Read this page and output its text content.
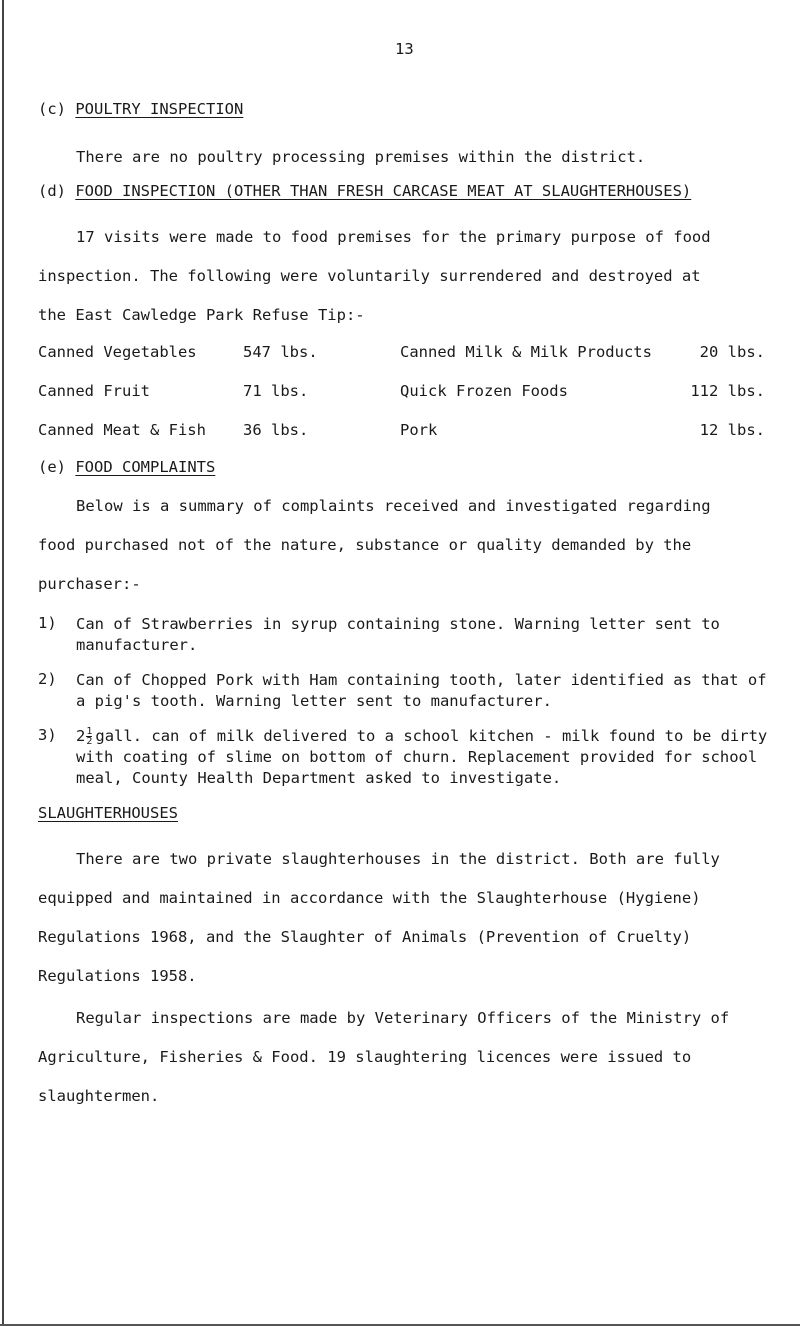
13
(c) POULTRY INSPECTION
There are no poultry processing premises within the district.
(d) FOOD INSPECTION (OTHER THAN FRESH CARCASE MEAT AT SLAUGHTERHOUSES)
17 visits were made to food premises for the primary purpose of food
inspection. The following were voluntarily surrendered and destroyed at
the East Cawledge Park Refuse Tip:-
Canned Vegetables	547 lbs.	Canned Milk & Milk Products	20 lbs.
Canned Fruit	71 lbs.	Quick Frozen Foods	112 lbs.
Canned Meat & Fish 36 lbs.	Pork	12 lbs.
(e) FOOD COMPLAINTS
Below is a summary of complaints received and investigated regarding
food purchased not of the nature, substance or quality demanded by the
purchaser:-
1) Can of Strawberries in syrup containing stone. Warning letter sent to manufacturer.
2) Can of Chopped Pork with Ham containing tooth, later identified as that of a pig's tooth. Warning letter sent to manufacturer.
3) $2 \frac{1}{2}$ gall. can of milk delivered to a school kitchen - milk found to be dirty with coating of slime on bottom of churn. Replacement provided for school meal, County Health Department asked to investigate.
SLAUGHTERHOUSES
There are two private slaughterhouses in the district. Both are fully
equipped and maintained in accordance with the Slaughterhouse (Hygiene)
Regulations 1968, and the Slaughter of Animals (Prevention of Cruelty)
Regulations 1958.
Regular inspections are made by Veterinary Officers of the Ministry of
Agriculture, Fisheries & Food. 19 slaughtering licences were issued to
slaughtermen.
